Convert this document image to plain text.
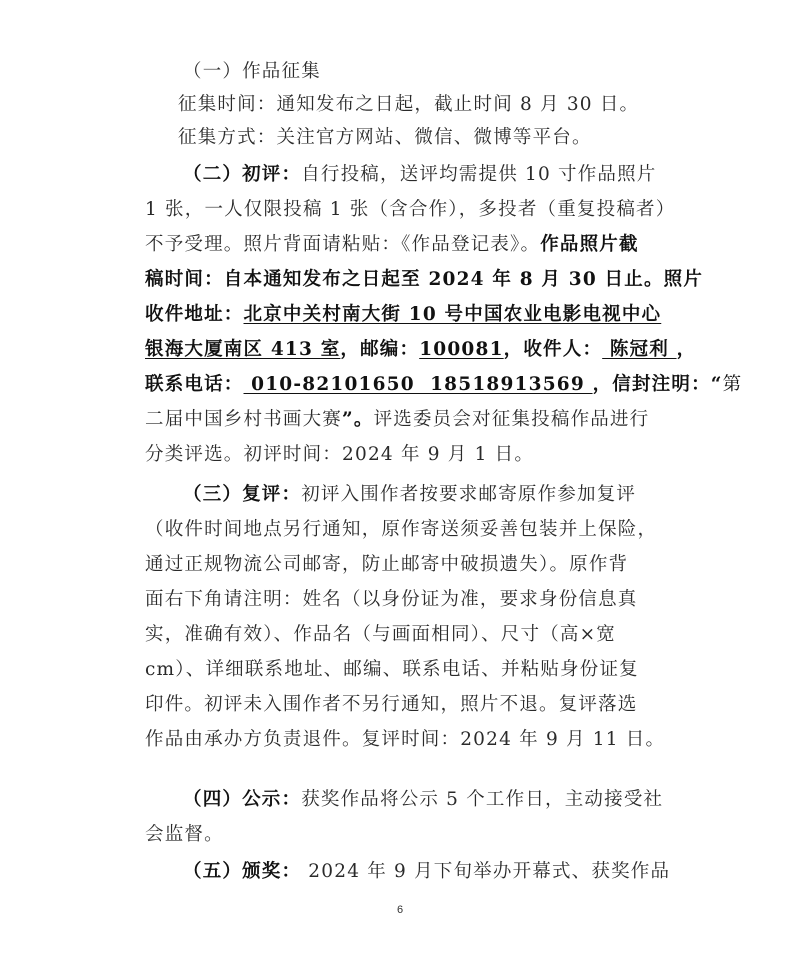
（一）作品征集
征集时间：通知发布之日起，截止时间 8 月 30 日。
征集方式：关注官方网站、微信、微博等平台。
（二）初评：自行投稿，送评均需提供 10 寸作品照片
1 张，一人仅限投稿 1 张（含合作），多投者（重复投稿者）
不予受理。照片背面请粘贴：《作品登记表》。作品照片截
稿时间：自本通知发布之日起至 2024 年 8 月 30 日止。照片
收件地址：北京中关村南大街 10 号中国农业电影电视中心
银海大厦南区 413 室，邮编：100081，收件人： 陈冠利 ，
联系电话： 010-82101650  18518913569 ，信封注明：“第
二届中国乡村书画大赛”。评选委员会对征集投稿作品进行
分类评选。初评时间：2024 年 9 月 1 日。
（三）复评：初评入围作者按要求邮寄原作参加复评
（收件时间地点另行通知，原作寄送须妥善包装并上保险，
通过正规物流公司邮寄，防止邮寄中破损遗失）。原作背
面右下角请注明：姓名（以身份证为准，要求身份信息真
实，准确有效）、作品名（与画面相同）、尺寸（高×宽
cm）、详细联系地址、邮编、联系电话、并粘贴身份证复
印件。初评未入围作者不另行通知，照片不退。复评落选
作品由承办方负责退件。复评时间：2024 年 9 月 11 日。
（四）公示：获奖作品将公示 5 个工作日，主动接受社
会监督。
（五）颁奖： 2024 年 9 月下旬举办开幕式、获奖作品
6
